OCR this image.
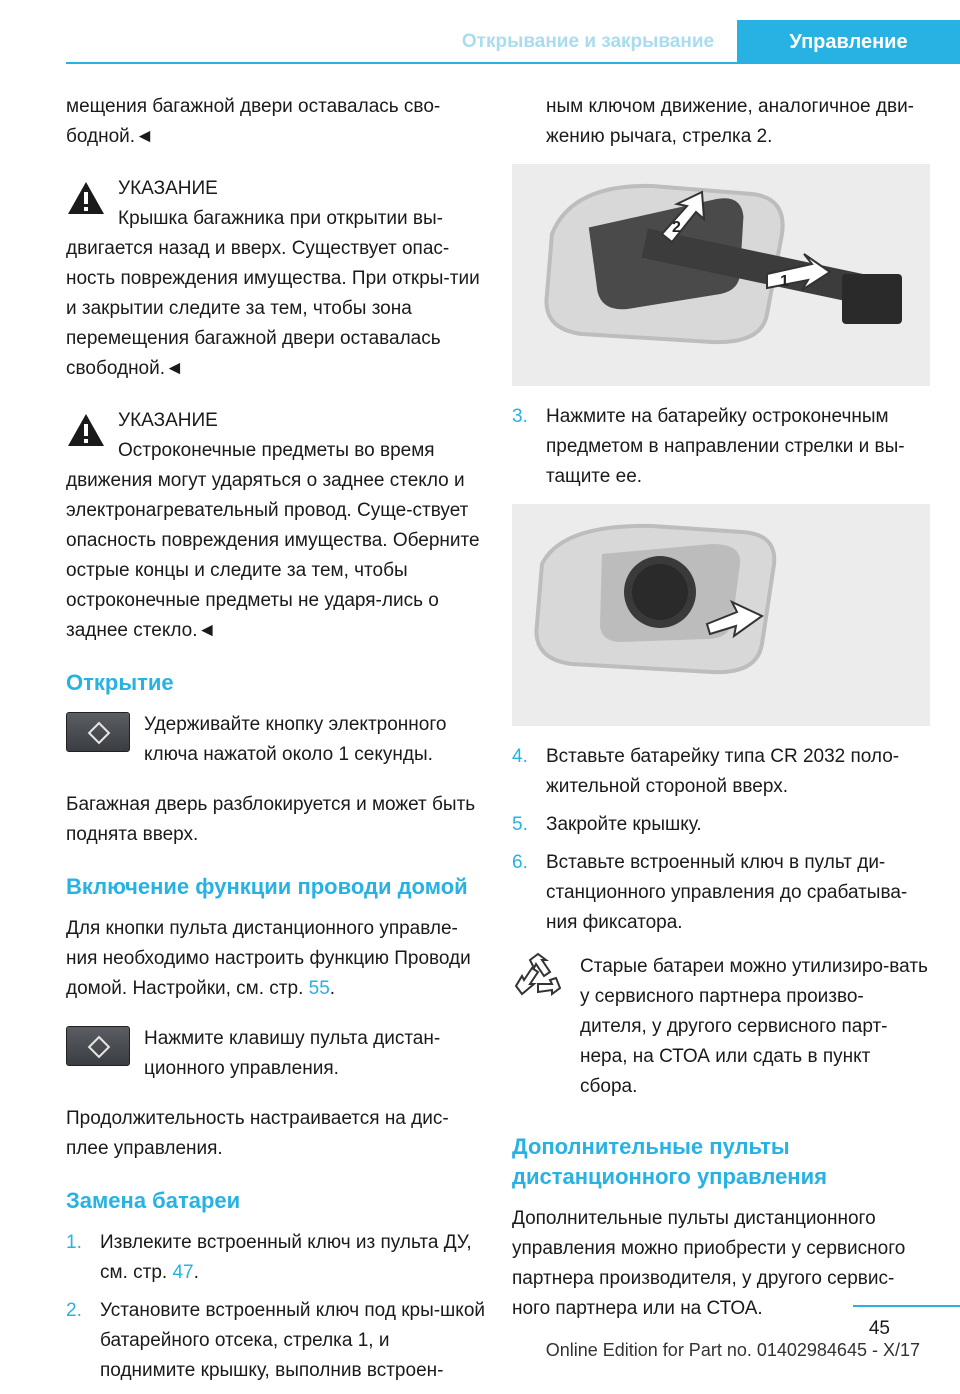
Открывание и закрывание	Управление

мещения багажной двери оставалась сво-бодной.◄

УКАЗАНИЕ

Крышка багажника при открытии вы-двигается назад и вверх. Существует опас-ность повреждения имущества. При откры-тии и закрытии следите за тем, чтобы зона перемещения багажной двери оставалась свободной.◄

УКАЗАНИЕ

Остроконечные предметы во время движения могут ударяться о заднее стекло и электронагревательный провод. Суще-ствует опасность повреждения имущества. Оберните острые концы и следите за тем, чтобы остроконечные предметы не ударя-лись о заднее стекло.◄

Открытие

Удерживайте кнопку электронного ключа нажатой около 1 секунды.

Багажная дверь разблокируется и может быть поднята вверх.

Включение функции проводи домой

Для кнопки пульта дистанционного управле-ния необходимо настроить функцию Проводи домой. Настройки, см. стр. 55.

Нажмите клавишу пульта дистан-ционного управления.

Продолжительность настраивается на дис-плее управления.

Замена батареи
1. Извлеките встроенный ключ из пульта ДУ, см. стр. 47.
2. Установите встроенный ключ под кры-шкой батарейного отсека, стрелка 1, и поднимите крышку, выполнив встроен-

ным ключом движение, аналогичное дви-жению рычага, стрелка 2.

1
2
3. Нажмите на батарейку остроконечным предметом в направлении стрелки и вы-тащите ее.
4. Вставьте батарейку типа CR 2032 поло-жительной стороной вверх.
5. Закройте крышку.
6. Вставьте встроенный ключ в пульт ди-станционного управления до срабатыва-ния фиксатора.

Старые батареи можно утилизиро-вать у сервисного партнера произво-дителя, у другого сервисного парт-нера, на СТОА или сдать в пункт сбора.

Дополнительные пульты дистанционного управления

Дополнительные пульты дистанционного управления можно приобрести у сервисного партнера производителя, у другого сервис-ного партнера или на СТОА.

45
Online Edition for Part no. 01402984645 - X/17
